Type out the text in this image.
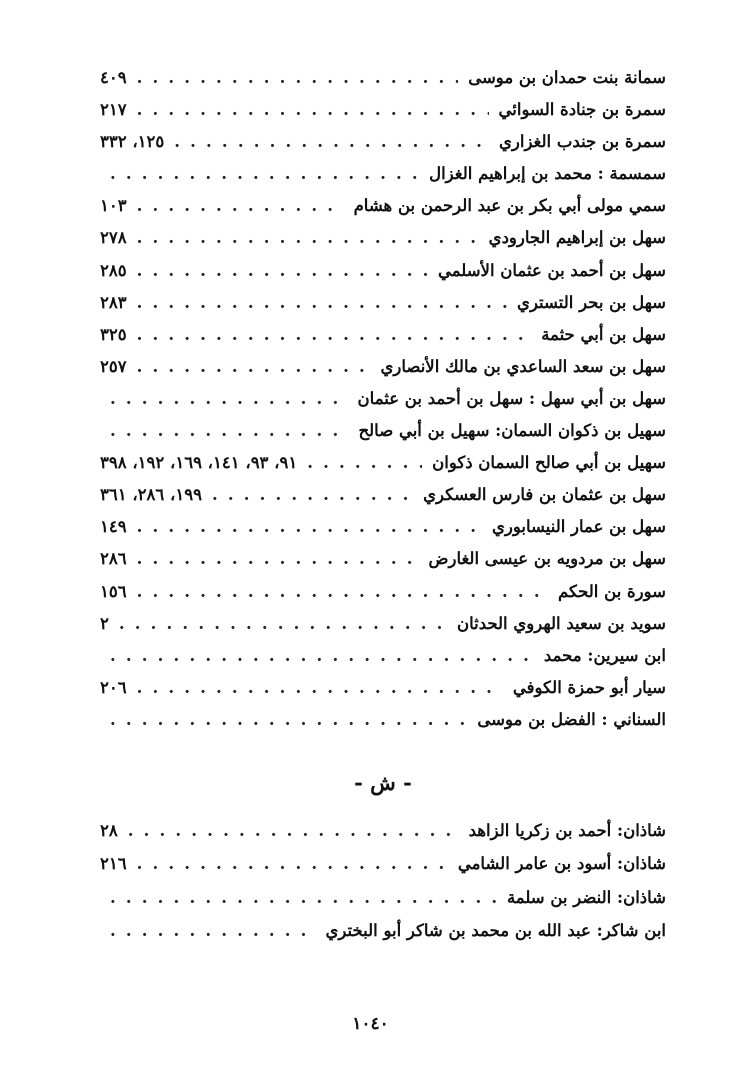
سمانة بنت حمدان بن موسى
. . .
٤٠٩
سمرة بن جنادة السوائي
. . .
٢١٧
سمرة بن جندب الغزاري
. . .
١٢٥، ٣٣٢
سمسمة : محمد بن إبراهيم الغزال
. . .
سمي مولى أبي بكر بن عبد الرحمن بن هشام
. . .
١٠٣
سهل بن إبراهيم الجارودي
. . .
٢٧٨
سهل بن أحمد بن عثمان الأسلمي
. . .
٢٨٥
سهل بن بحر التستري
. . .
٢٨٣
سهل بن أبي حثمة
. . .
٣٢٥
سهل بن سعد الساعدي بن مالك الأنصاري
. . .
٢٥٧
سهل بن أبي سهل : سهل بن أحمد بن عثمان
. . .
سهيل بن ذكوان السمان: سهيل بن أبي صالح
. . .
سهيل بن أبي صالح السمان ذكوان
. . .
٩١، ٩٣، ١٤١، ١٦٩، ١٩٢، ٣٩٨
سهل بن عثمان بن فارس العسكري
. . .
١٩٩، ٢٨٦، ٣٦١
سهل بن عمار النيسابوري
. . .
١٤٩
سهل بن مردويه بن عيسى الغارض
. . .
٢٨٦
سورة بن الحكم
. . .
١٥٦
سويد بن سعيد الهروي الحدثان
. . .
٢
ابن سيرين: محمد
. . .
سيار أبو حمزة الكوفي
. . .
٢٠٦
السناني : الفضل بن موسى
. . .
- ش -
شاذان: أحمد بن زكريا الزاهد
. . .
٢٨
شاذان: أسود بن عامر الشامي
. . .
٢١٦
شاذان: النضر بن سلمة
. . .
ابن شاكر: عبد الله بن محمد بن شاكر أبو البختري
. . .
١٠٤٠
